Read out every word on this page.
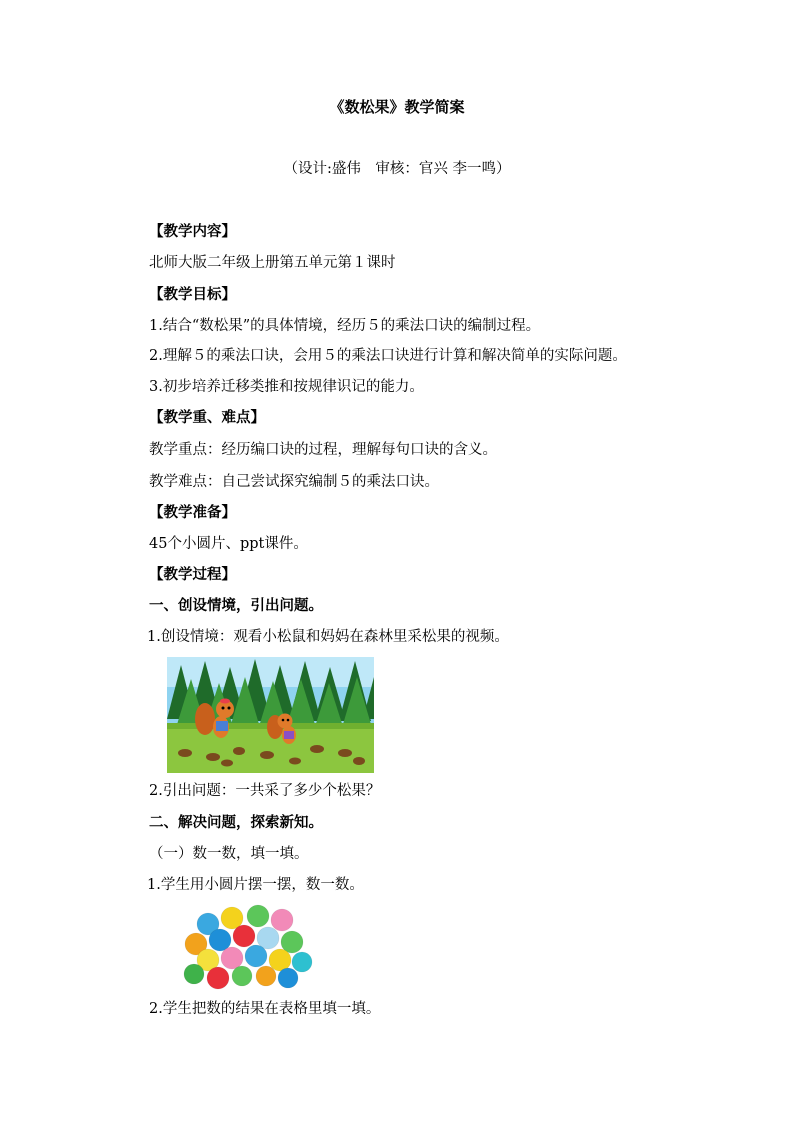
《数松果》教学简案
（设计:盛伟　审核：官兴 李一鸣）
【教学内容】
北师大版二年级上册第五单元第１课时
【教学目标】
1.结合“数松果”的具体情境，经历５的乘法口诀的编制过程。
2.理解５的乘法口诀，会用５的乘法口诀进行计算和解决简单的实际问题。
3.初步培养迁移类推和按规律识记的能力。
【教学重、难点】
教学重点：经历编口诀的过程，理解每句口诀的含义。
教学难点：自己尝试探究编制５的乘法口诀。
【教学准备】
45个小圆片、ppt课件。
【教学过程】
一、创设情境，引出问题。
1.创设情境：观看小松鼠和妈妈在森林里采松果的视频。
2.引出问题：一共采了多少个松果？
二、解决问题，探索新知。
（一）数一数，填一填。
1.学生用小圆片摆一摆，数一数。
2.学生把数的结果在表格里填一填。
